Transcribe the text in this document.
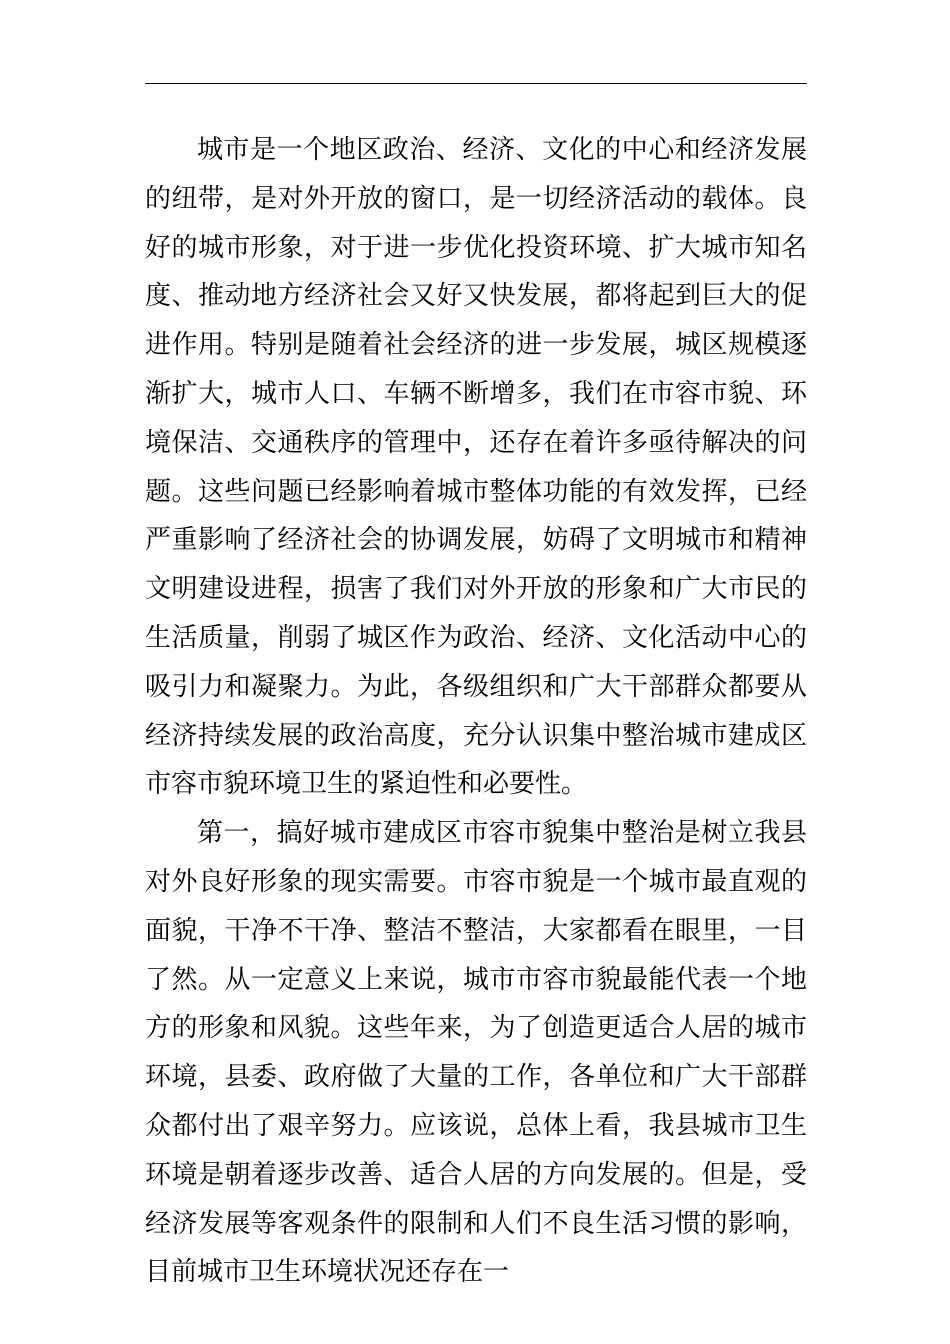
城市是一个地区政治、经济、文化的中心和经济发展的纽带，是对外开放的窗口，是一切经济活动的载体。良好的城市形象，对于进一步优化投资环境、扩大城市知名度、推动地方经济社会又好又快发展，都将起到巨大的促进作用。特别是随着社会经济的进一步发展，城区规模逐渐扩大，城市人口、车辆不断增多，我们在市容市貌、环境保洁、交通秩序的管理中，还存在着许多亟待解决的问题。这些问题已经影响着城市整体功能的有效发挥，已经严重影响了经济社会的协调发展，妨碍了文明城市和精神文明建设进程，损害了我们对外开放的形象和广大市民的生活质量，削弱了城区作为政治、经济、文化活动中心的吸引力和凝聚力。为此，各级组织和广大干部群众都要从经济持续发展的政治高度，充分认识集中整治城市建成区市容市貌环境卫生的紧迫性和必要性。

第一，搞好城市建成区市容市貌集中整治是树立我县对外良好形象的现实需要。市容市貌是一个城市最直观的面貌，干净不干净、整洁不整洁，大家都看在眼里，一目了然。从一定意义上来说，城市市容市貌最能代表一个地方的形象和风貌。这些年来，为了创造更适合人居的城市环境，县委、政府做了大量的工作，各单位和广大干部群众都付出了艰辛努力。应该说，总体上看，我县城市卫生环境是朝着逐步改善、适合人居的方向发展的。但是，受经济发展等客观条件的限制和人们不良生活习惯的影响，目前城市卫生环境状况还存在一
